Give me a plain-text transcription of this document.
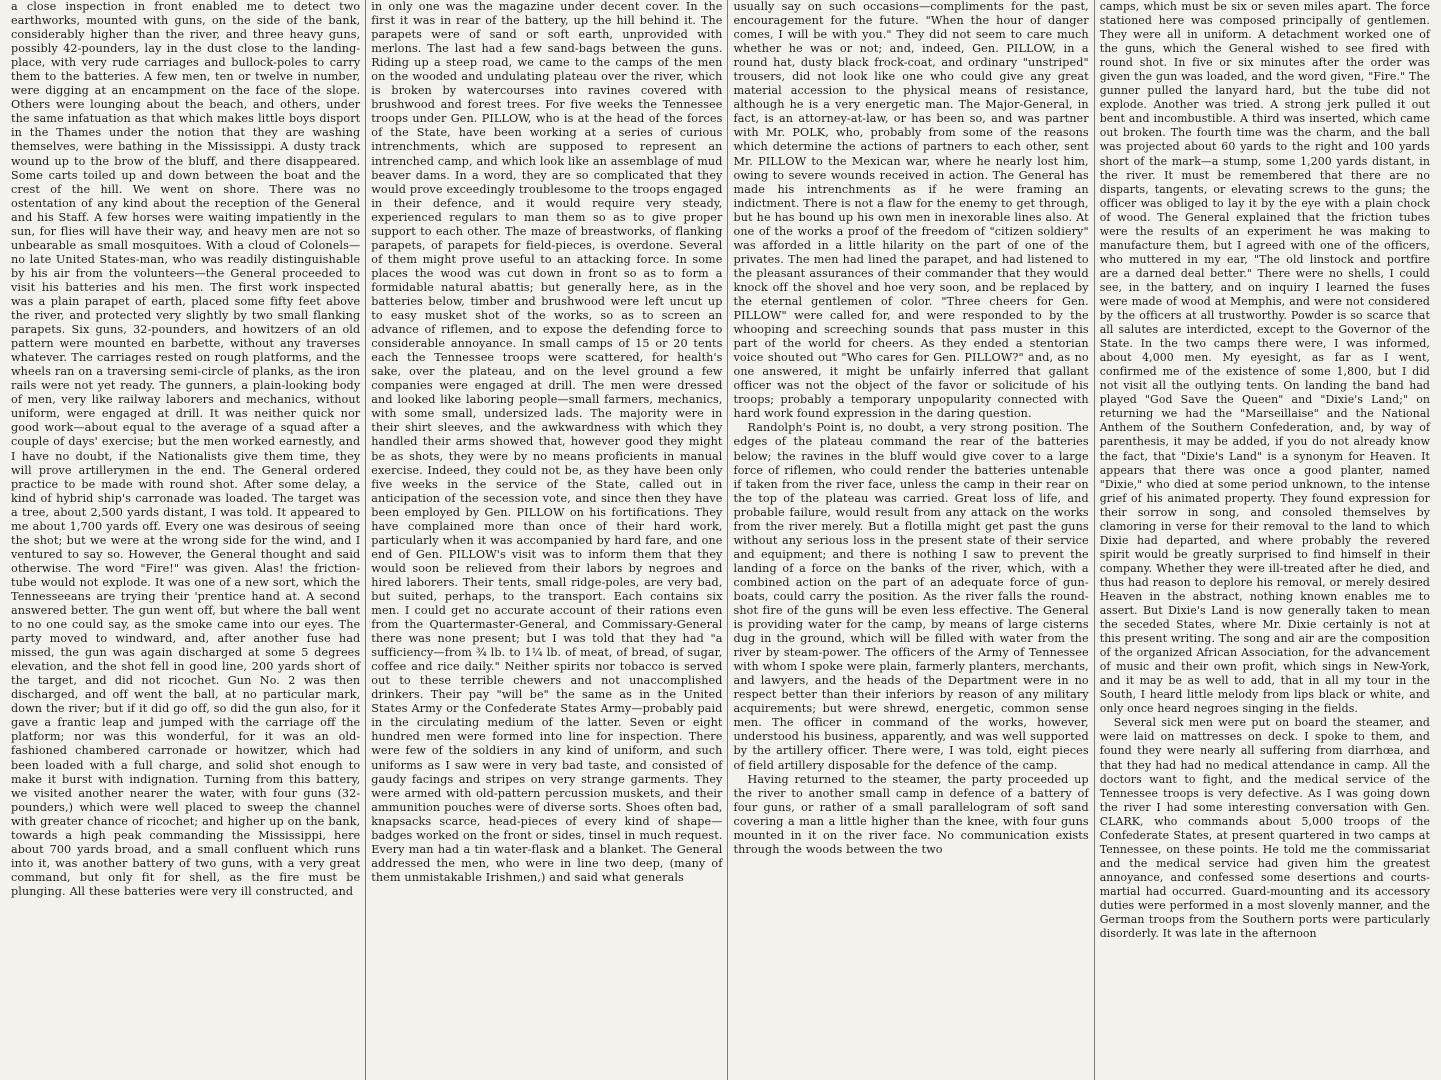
a close inspection in front enabled me to detect two earthworks, mounted with guns, on the side of the bank, considerably higher than the river, and three heavy guns, possibly 42-pounders, lay in the dust close to the landing-place, with very rude carriages and bullock-poles to carry them to the batteries. A few men, ten or twelve in number, were digging at an encampment on the face of the slope. Others were lounging about the beach, and others, under the same infatuation as that which makes little boys disport in the Thames under the notion that they are washing themselves, were bathing in the Mississippi. A dusty track wound up to the brow of the bluff, and there disappeared. Some carts toiled up and down between the boat and the crest of the hill. We went on shore. There was no ostentation of any kind about the reception of the General and his Staff. A few horses were waiting impatiently in the sun, for flies will have their way, and heavy men are not so unbearable as small mosquitoes. With a cloud of Colonels—no late United States-man, who was readily distinguishable by his air from the volunteers—the General proceeded to visit his batteries and his men. The first work inspected was a plain parapet of earth, placed some fifty feet above the river, and protected very slightly by two small flanking parapets. Six guns, 32-pounders, and howitzers of an old pattern were mounted en barbette, without any traverses whatever. The carriages rested on rough platforms, and the wheels ran on a traversing semi-circle of planks, as the iron rails were not yet ready. The gunners, a plain-looking body of men, very like railway laborers and mechanics, without uniform, were engaged at drill. It was neither quick nor good work—about equal to the average of a squad after a couple of days' exercise; but the men worked earnestly, and I have no doubt, if the Nationalists give them time, they will prove artillerymen in the end. The General ordered practice to be made with round shot. After some delay, a kind of hybrid ship's carronade was loaded. The target was a tree, about 2,500 yards distant, I was told. It appeared to me about 1,700 yards off. Every one was desirous of seeing the shot; but we were at the wrong side for the wind, and I ventured to say so. However, the General thought and said otherwise. The word "Fire!" was given. Alas! the friction-tube would not explode. It was one of a new sort, which the Tennesseeans are trying their 'prentice hand at. A second answered better. The gun went off, but where the ball went to no one could say, as the smoke came into our eyes. The party moved to windward, and, after another fuse had missed, the gun was again discharged at some 5 degrees elevation, and the shot fell in good line, 200 yards short of the target, and did not ricochet. Gun No. 2 was then discharged, and off went the ball, at no particular mark, down the river; but if it did go off, so did the gun also, for it gave a frantic leap and jumped with the carriage off the platform; nor was this wonderful, for it was an old-fashioned chambered carronade or howitzer, which had been loaded with a full charge, and solid shot enough to make it burst with indignation. Turning from this battery, we visited another nearer the water, with four guns (32-pounders,) which were well placed to sweep the channel with greater chance of ricochet; and higher up on the bank, towards a high peak commanding the Mississippi, here about 700 yards broad, and a small confluent which runs into it, was another battery of two guns, with a very great command, but only fit for shell, as the fire must be plunging. All these batteries were very ill constructed, and

in only one was the magazine under decent cover. In the first it was in rear of the battery, up the hill behind it. The parapets were of sand or soft earth, unprovided with merlons. The last had a few sand-bags between the guns. Riding up a steep road, we came to the camps of the men on the wooded and undulating plateau over the river, which is broken by watercourses into ravines covered with brushwood and forest trees. For five weeks the Tennessee troops under Gen. PILLOW, who is at the head of the forces of the State, have been working at a series of curious intrenchments, which are supposed to represent an intrenched camp, and which look like an assemblage of mud beaver dams. In a word, they are so complicated that they would prove exceedingly troublesome to the troops engaged in their defence, and it would require very steady, experienced regulars to man them so as to give proper support to each other. The maze of breastworks, of flanking parapets, of parapets for field-pieces, is overdone. Several of them might prove useful to an attacking force. In some places the wood was cut down in front so as to form a formidable natural abattis; but generally here, as in the batteries below, timber and brushwood were left uncut up to easy musket shot of the works, so as to screen an advance of riflemen, and to expose the defending force to considerable annoyance. In small camps of 15 or 20 tents each the Tennessee troops were scattered, for health's sake, over the plateau, and on the level ground a few companies were engaged at drill. The men were dressed and looked like laboring people—small farmers, mechanics, with some small, undersized lads. The majority were in their shirt sleeves, and the awkwardness with which they handled their arms showed that, however good they might be as shots, they were by no means proficients in manual exercise. Indeed, they could not be, as they have been only five weeks in the service of the State, called out in anticipation of the secession vote, and since then they have been employed by Gen. PILLOW on his fortifications. They have complained more than once of their hard work, particularly when it was accompanied by hard fare, and one end of Gen. PILLOW's visit was to inform them that they would soon be relieved from their labors by negroes and hired laborers. Their tents, small ridge-poles, are very bad, but suited, perhaps, to the transport. Each contains six men. I could get no accurate account of their rations even from the Quartermaster-General, and Commissary-General there was none present; but I was told that they had "a sufficiency—from ¾ lb. to 1¼ lb. of meat, of bread, of sugar, coffee and rice daily." Neither spirits nor tobacco is served out to these terrible chewers and not unaccomplished drinkers. Their pay "will be" the same as in the United States Army or the Confederate States Army—probably paid in the circulating medium of the latter. Seven or eight hundred men were formed into line for inspection. There were few of the soldiers in any kind of uniform, and such uniforms as I saw were in very bad taste, and consisted of gaudy facings and stripes on very strange garments. They were armed with old-pattern percussion muskets, and their ammunition pouches were of diverse sorts. Shoes often bad, knapsacks scarce, head-pieces of every kind of shape—badges worked on the front or sides, tinsel in much request. Every man had a tin water-flask and a blanket. The General addressed the men, who were in line two deep, (many of them unmistakable Irishmen,) and said what generals

usually say on such occasions—compliments for the past, encouragement for the future. "When the hour of danger comes, I will be with you." They did not seem to care much whether he was or not; and, indeed, Gen. PILLOW, in a round hat, dusty black frock-coat, and ordinary "unstriped" trousers, did not look like one who could give any great material accession to the physical means of resistance, although he is a very energetic man. The Major-General, in fact, is an attorney-at-law, or has been so, and was partner with Mr. POLK, who, probably from some of the reasons which determine the actions of partners to each other, sent Mr. PILLOW to the Mexican war, where he nearly lost him, owing to severe wounds received in action. The General has made his intrenchments as if he were framing an indictment. There is not a flaw for the enemy to get through, but he has bound up his own men in inexorable lines also. At one of the works a proof of the freedom of "citizen soldiery" was afforded in a little hilarity on the part of one of the privates. The men had lined the parapet, and had listened to the pleasant assurances of their commander that they would knock off the shovel and hoe very soon, and be replaced by the eternal gentlemen of color. "Three cheers for Gen. PILLOW" were called for, and were responded to by the whooping and screeching sounds that pass muster in this part of the world for cheers. As they ended a stentorian voice shouted out "Who cares for Gen. PILLOW?" and, as no one answered, it might be unfairly inferred that gallant officer was not the object of the favor or solicitude of his troops; probably a temporary unpopularity connected with hard work found expression in the daring question.

Randolph's Point is, no doubt, a very strong position. The edges of the plateau command the rear of the batteries below; the ravines in the bluff would give cover to a large force of riflemen, who could render the batteries untenable if taken from the river face, unless the camp in their rear on the top of the plateau was carried. Great loss of life, and probable failure, would result from any attack on the works from the river merely. But a flotilla might get past the guns without any serious loss in the present state of their service and equipment; and there is nothing I saw to prevent the landing of a force on the banks of the river, which, with a combined action on the part of an adequate force of gun-boats, could carry the position. As the river falls the round-shot fire of the guns will be even less effective. The General is providing water for the camp, by means of large cisterns dug in the ground, which will be filled with water from the river by steam-power. The officers of the Army of Tennessee with whom I spoke were plain, farmerly planters, merchants, and lawyers, and the heads of the Department were in no respect better than their inferiors by reason of any military acquirements; but were shrewd, energetic, common sense men. The officer in command of the works, however, understood his business, apparently, and was well supported by the artillery officer. There were, I was told, eight pieces of field artillery disposable for the defence of the camp.

Having returned to the steamer, the party proceeded up the river to another small camp in defence of a battery of four guns, or rather of a small parallelogram of soft sand covering a man a little higher than the knee, with four guns mounted in it on the river face. No communication exists through the woods between the two

camps, which must be six or seven miles apart. The force stationed here was composed principally of gentlemen. They were all in uniform. A detachment worked one of the guns, which the General wished to see fired with round shot. In five or six minutes after the order was given the gun was loaded, and the word given, "Fire." The gunner pulled the lanyard hard, but the tube did not explode. Another was tried. A strong jerk pulled it out bent and incombustible. A third was inserted, which came out broken. The fourth time was the charm, and the ball was projected about 60 yards to the right and 100 yards short of the mark—a stump, some 1,200 yards distant, in the river. It must be remembered that there are no disparts, tangents, or elevating screws to the guns; the officer was obliged to lay it by the eye with a plain chock of wood. The General explained that the friction tubes were the results of an experiment he was making to manufacture them, but I agreed with one of the officers, who muttered in my ear, "The old linstock and portfire are a darned deal better." There were no shells, I could see, in the battery, and on inquiry I learned the fuses were made of wood at Memphis, and were not considered by the officers at all trustworthy. Powder is so scarce that all salutes are interdicted, except to the Governor of the State. In the two camps there were, I was informed, about 4,000 men. My eyesight, as far as I went, confirmed me of the existence of some 1,800, but I did not visit all the outlying tents. On landing the band had played "God Save the Queen" and "Dixie's Land;" on returning we had the "Marseillaise" and the National Anthem of the Southern Confederation, and, by way of parenthesis, it may be added, if you do not already know the fact, that "Dixie's Land" is a synonym for Heaven. It appears that there was once a good planter, named "Dixie," who died at some period unknown, to the intense grief of his animated property. They found expression for their sorrow in song, and consoled themselves by clamoring in verse for their removal to the land to which Dixie had departed, and where probably the revered spirit would be greatly surprised to find himself in their company. Whether they were ill-treated after he died, and thus had reason to deplore his removal, or merely desired Heaven in the abstract, nothing known enables me to assert. But Dixie's Land is now generally taken to mean the seceded States, where Mr. Dixie certainly is not at this present writing. The song and air are the composition of the organized African Association, for the advancement of music and their own profit, which sings in New-York, and it may be as well to add, that in all my tour in the South, I heard little melody from lips black or white, and only once heard negroes singing in the fields.

Several sick men were put on board the steamer, and were laid on mattresses on deck. I spoke to them, and found they were nearly all suffering from diarrhœa, and that they had had no medical attendance in camp. All the doctors want to fight, and the medical service of the Tennessee troops is very defective. As I was going down the river I had some interesting conversation with Gen. CLARK, who commands about 5,000 troops of the Confederate States, at present quartered in two camps at Tennessee, on these points. He told me the commissariat and the medical service had given him the greatest annoyance, and confessed some desertions and courts-martial had occurred. Guard-mounting and its accessory duties were performed in a most slovenly manner, and the German troops from the Southern ports were particularly disorderly. It was late in the afternoon
